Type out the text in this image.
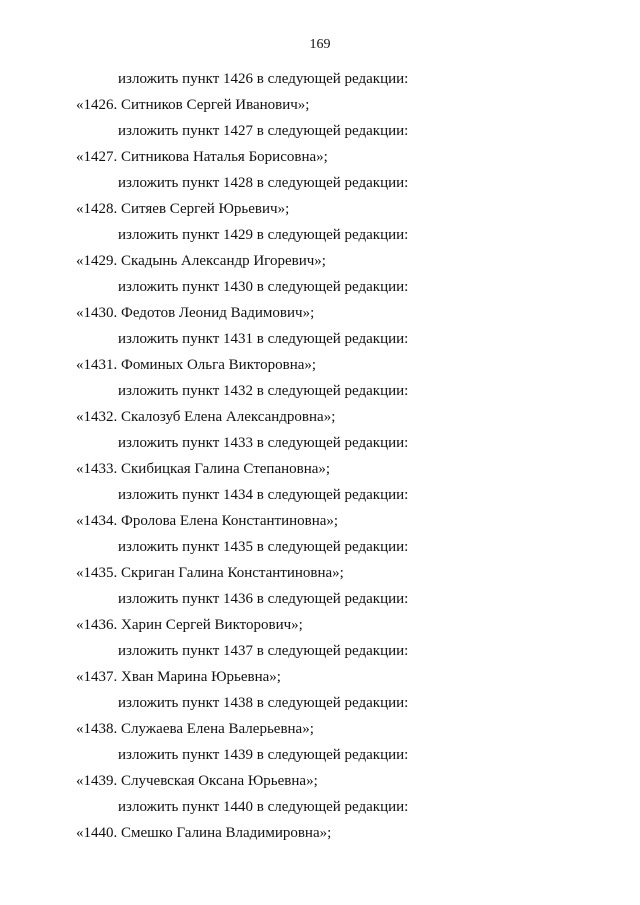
169
изложить пункт 1426 в следующей редакции:
«1426. Ситников Сергей Иванович»;
изложить пункт 1427 в следующей редакции:
«1427. Ситникова Наталья Борисовна»;
изложить пункт 1428 в следующей редакции:
«1428. Ситяев Сергей Юрьевич»;
изложить пункт 1429 в следующей редакции:
«1429. Скадынь Александр Игоревич»;
изложить пункт 1430 в следующей редакции:
«1430. Федотов Леонид Вадимович»;
изложить пункт 1431 в следующей редакции:
«1431. Фоминых Ольга Викторовна»;
изложить пункт 1432 в следующей редакции:
«1432. Скалозуб Елена Александровна»;
изложить пункт 1433 в следующей редакции:
«1433. Скибицкая Галина Степановна»;
изложить пункт 1434 в следующей редакции:
«1434. Фролова Елена Константиновна»;
изложить пункт 1435 в следующей редакции:
«1435. Скриган Галина Константиновна»;
изложить пункт 1436 в следующей редакции:
«1436. Харин Сергей Викторович»;
изложить пункт 1437 в следующей редакции:
«1437. Хван Марина Юрьевна»;
изложить пункт 1438 в следующей редакции:
«1438. Служаева Елена Валерьевна»;
изложить пункт 1439 в следующей редакции:
«1439. Случевская Оксана Юрьевна»;
изложить пункт 1440 в следующей редакции:
«1440. Смешко Галина Владимировна»;
